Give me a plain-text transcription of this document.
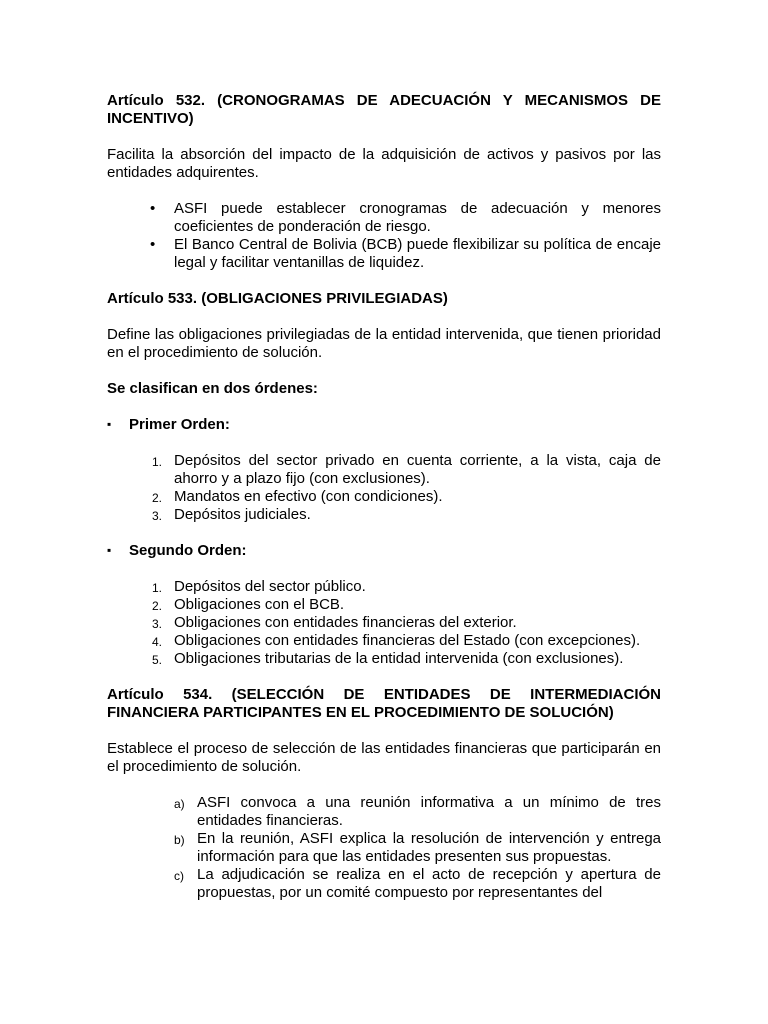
Artículo 532. (CRONOGRAMAS DE ADECUACIÓN Y MECANISMOS DE INCENTIVO)

Facilita la absorción del impacto de la adquisición de activos y pasivos por las entidades adquirentes.

• ASFI puede establecer cronogramas de adecuación y menores coeficientes de ponderación de riesgo.
• El Banco Central de Bolivia (BCB) puede flexibilizar su política de encaje legal y facilitar ventanillas de liquidez.

Artículo 533. (OBLIGACIONES PRIVILEGIADAS)

Define las obligaciones privilegiadas de la entidad intervenida, que tienen prioridad en el procedimiento de solución.

Se clasifican en dos órdenes:

▪ Primer Orden:
1. Depósitos del sector privado en cuenta corriente, a la vista, caja de ahorro y a plazo fijo (con exclusiones).
2. Mandatos en efectivo (con condiciones).
3. Depósitos judiciales.
▪ Segundo Orden:
1. Depósitos del sector público.
2. Obligaciones con el BCB.
3. Obligaciones con entidades financieras del exterior.
4. Obligaciones con entidades financieras del Estado (con excepciones).
5. Obligaciones tributarias de la entidad intervenida (con exclusiones).

Artículo 534. (SELECCIÓN DE ENTIDADES DE INTERMEDIACIÓN FINANCIERA PARTICIPANTES EN EL PROCEDIMIENTO DE SOLUCIÓN)

Establece el proceso de selección de las entidades financieras que participarán en el procedimiento de solución.

a) ASFI convoca a una reunión informativa a un mínimo de tres entidades financieras.
b) En la reunión, ASFI explica la resolución de intervención y entrega información para que las entidades presenten sus propuestas.
c) La adjudicación se realiza en el acto de recepción y apertura de propuestas, por un comité compuesto por representantes del
